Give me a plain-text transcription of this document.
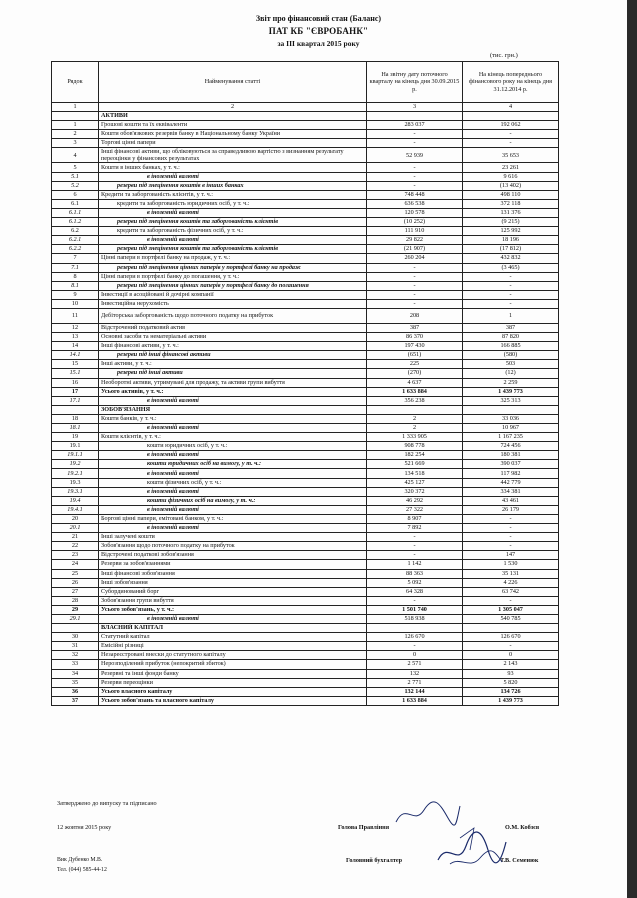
Звіт про фінансовий стан (Баланс)
ПАТ КБ "ЄВРОБАНК"
за ІІІ квартал 2015 року
(тис. грн.)
Рядок	Найменування статті	На звітну дату поточного кварталу на кінець дня 30.09.2015 р.	На кінець попереднього фінансового року на кінець дня 31.12.2014 р.
1	2	3	4
	АКТИВИ		
1	Грошові кошти та їх еквіваленти	283 037	192 062
2	Кошти обов'язкових резервів банку в Національному банку України	-	-
3	Торгові цінні папери	-	-
4	Інші фінансові активи, що обліковуються за справедливою вартістю з визнанням результату переоцінки у фінансових результатах	52 939	35 653
5	Кошти в інших банках, у т. ч.:	-	23 261
5.1	в іноземній валюті	-	9 616
5.2	резерви під знецінення коштів в інших банках	-	(13 402)
6	Кредити та заборгованість клієнтів, у т. ч.:	748 448	498 110
6.1	кредити та заборгованість юридичних осіб, у т. ч.:	636 538	372 118
6.1.1	в іноземній валюті	120 578	131 376
6.1.2	резерви під знецінення коштів та заборгованість клієнтів	(10 252)	(9 215)
6.2	кредити та заборгованість фізичних осіб, у т. ч.:	111 910	125 992
6.2.1	в іноземній валюті	29 822	18 196
6.2.2	резерви під знецінення коштів та заборгованість клієнтів	(21 907)	(17 812)
7	Цінні папери в портфелі банку на продаж, у т. ч.:	260 204	432 832
7.1	резерви під знецінення цінних паперів у портфелі банку на продаж	-	(3 465)
8	Цінні папери в портфелі банку до погашення, у т. ч.:	-	-
8.1	резерви під знецінення цінних паперів у портфелі банку до погашення	-	-
9	Інвестиції в асоційовані й дочірні компанії	-	-
10	Інвестиційна нерухомість	-	-
11	Дебіторська заборгованість щодо поточного податку на прибуток	208	1
12	Відстрочений податковий актив	387	387
13	Основні засоби та нематеріальні активи	86 370	87 820
14	Інші фінансові активи, у т. ч.:	197 430	166 885
14.1	резерви під інші фінансові активи	(651)	(580)
15	Інші активи, у т. ч.:	225	503
15.1	резерви під інші активи	(270)	(12)
16	Необоротні активи, утримувані для продажу, та активи групи вибуття	4 637	2 259
17	Усього активів, у т. ч.:	1 633 884	1 439 773
17.1	в іноземній валюті	356 238	325 313
	ЗОБОВ'ЯЗАННЯ		
18	Кошти банків, у т. ч.:	2	33 036
18.1	в іноземній валюті	2	10 967
19	Кошти клієнтів, у т. ч.:	1 333 905	1 167 235
19.1	кошти юридичних осіб, у т. ч.:	908 778	724 456
19.1.1	в іноземній валюті	182 254	180 381
19.2	кошти юридичних осіб на вимогу, у т. ч.:	521 669	390 037
19.2.1	в іноземній валюті	134 518	117 982
19.3	кошти фізичних осіб, у т. ч.:	425 127	442 779
19.3.1	в іноземній валюті	320 372	334 381
19.4	кошти фізичних осіб на вимогу, у т. ч.:	46 292	43 461
19.4.1	в іноземній валюті	27 322	26 179
20	Боргові цінні папери, емітовані банком, у т. ч.:	8 907	-
20.1	в іноземній валюті	7 892	-
21	Інші залучені кошти	-	-
22	Зобов'язання щодо поточного податку на прибуток	-	-
23	Відстрочені податкові зобов'язання	-	147
24	Резерви за зобов'язаннями	1 142	1 530
25	Інші фінансові зобов'язання	88 363	35 131
26	Інші зобов'язання	5 092	4 226
27	Субординований борг	64 328	63 742
28	Зобов'язання групи вибуття	-	-
29	Усього зобов'язань, у т. ч.:	1 501 740	1 305 047
29.1	в іноземній валюті	518 938	540 785
	ВЛАСНИЙ КАПІТАЛ		
30	Статутний капітал	126 670	126 670
31	Емісійні різниці	-	-
32	Незареєстровані внески до статутного капіталу	0	0
33	Нерозподілений прибуток (непокритий збиток)	2 571	2 143
34	Резервні та інші фонди банку	132	93
35	Резерви переоцінки	2 771	5 820
36	Усього власного капіталу	132 144	134 726
37	Усього зобов'язань та власного капіталу	1 633 884	1 439 773
Затверджено до випуску та підписано
12 жовтня 2015 року	Голова Правління	О.М. Кобзєв
Головний бухгалтер	Т.В. Семенюк
Вик Дубенко М.В.
Тел. (044) 585-44-12
